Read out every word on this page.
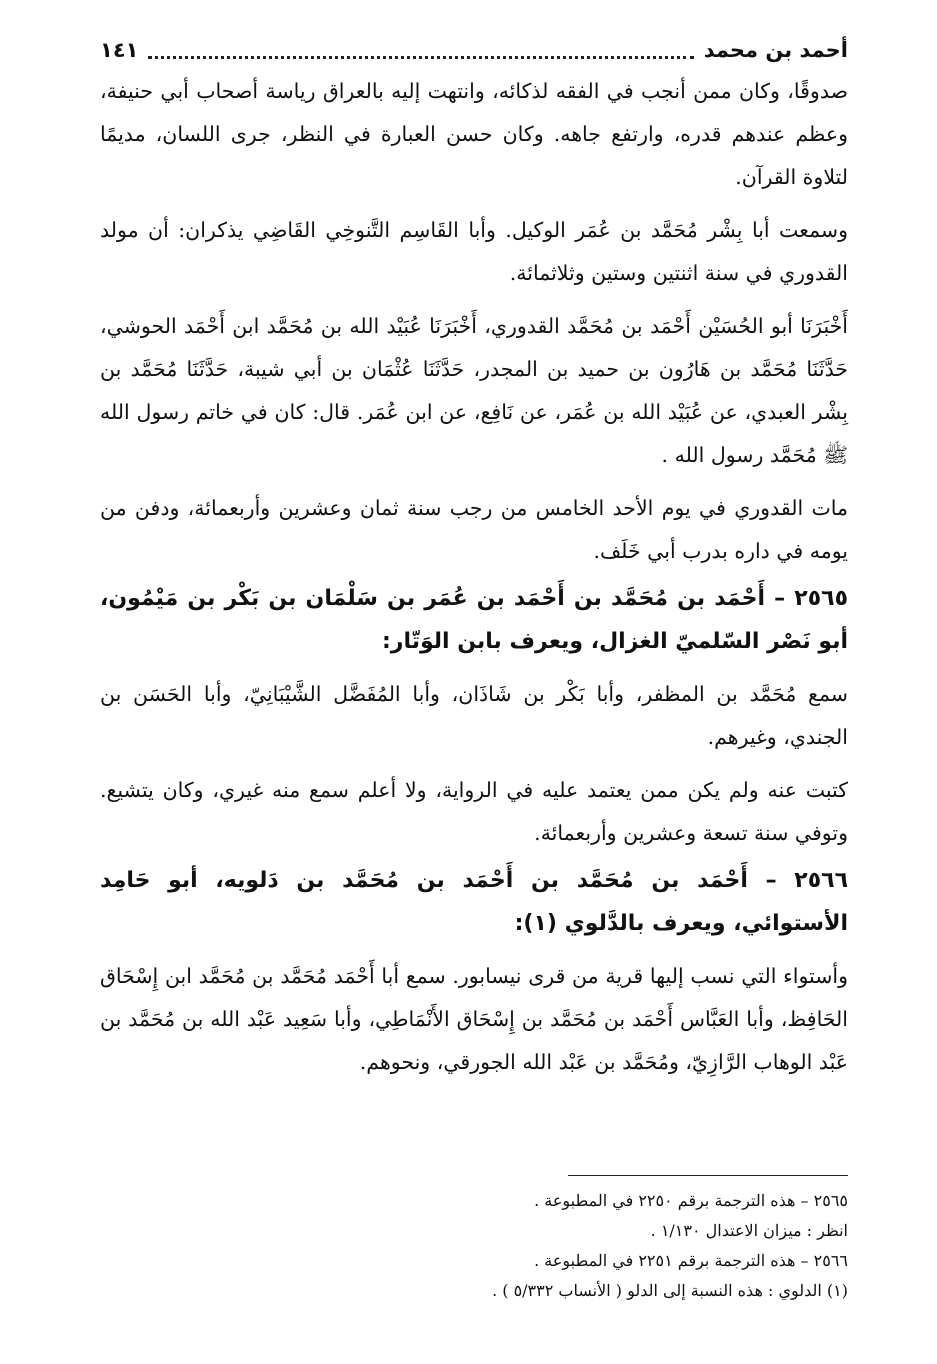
أحمد بن محمد
١٤١

صدوقًا، وكان ممن أنجب في الفقه لذكائه، وانتهت إليه بالعراق رياسة أصحاب أبي حنيفة، وعظم عندهم قدره، وارتفع جاهه. وكان حسن العبارة في النظر، جرى اللسان، مديمًا لتلاوة القرآن.

وسمعت أبا بِشْر مُحَمَّد بن عُمَر الوكيل. وأبا القَاسِم التَّنوخِي القَاضِي يذكران: أن مولد القدوري في سنة اثنتين وستين وثلاثمائة.

أَخْبَرَنَا أبو الحُسَيْن أَحْمَد بن مُحَمَّد القدوري، أَخْبَرَنَا عُبَيْد الله بن مُحَمَّد ابن أَحْمَد الحوشي، حَدَّثَنَا مُحَمَّد بن هَارُون بن حميد بن المجدر، حَدَّثَنَا عُثْمَان بن أبي شيبة، حَدَّثَنَا مُحَمَّد بن بِشْر العبدي، عن عُبَيْد الله بن عُمَر، عن نَافِع، عن ابن عُمَر. قال: كان في خاتم رسول الله ﷺ مُحَمَّد رسول الله .

مات القدوري في يوم الأحد الخامس من رجب سنة ثمان وعشرين وأربعمائة، ودفن من يومه في داره بدرب أبي خَلَف.

٢٥٦٥ – أَحْمَد بن مُحَمَّد بن أَحْمَد بن عُمَر بن سَلْمَان بن بَكْر بن مَيْمُون، أبو نَصْر السّلميّ الغزال، ويعرف بابن الوَتّار:

سمع مُحَمَّد بن المظفر، وأبا بَكْر بن شَاذَان، وأبا المُفَضَّل الشَّيْبَانِيّ، وأبا الحَسَن بن الجندي، وغيرهم.

كتبت عنه ولم يكن ممن يعتمد عليه في الرواية، ولا أعلم سمع منه غيري، وكان يتشيع. وتوفي سنة تسعة وعشرين وأربعمائة.

٢٥٦٦ – أَحْمَد بن مُحَمَّد بن أَحْمَد بن مُحَمَّد بن دَلويه، أبو حَامِد الأستوائي، ويعرف بالدَّلوي (١):

وأستواء التي نسب إليها قرية من قرى نيسابور. سمع أبا أَحْمَد مُحَمَّد بن مُحَمَّد ابن إِسْحَاق الحَافِظ، وأبا العَبَّاس أَحْمَد بن مُحَمَّد بن إِسْحَاق الأَنْمَاطِي، وأبا سَعِيد عَبْد الله بن مُحَمَّد بن عَبْد الوهاب الرَّازِيّ، ومُحَمَّد بن عَبْد الله الجورقي، ونحوهم.

٢٥٦٥ – هذه الترجمة برقم ٢٢٥٠ في المطبوعة .
انظر : ميزان الاعتدال ١/١٣٠ .
٢٥٦٦ – هذه الترجمة برقم ٢٢٥١ في المطبوعة .
(١) الدلوي : هذه النسبة إلى الدلو ( الأنساب ٥/٣٣٢ ) .
